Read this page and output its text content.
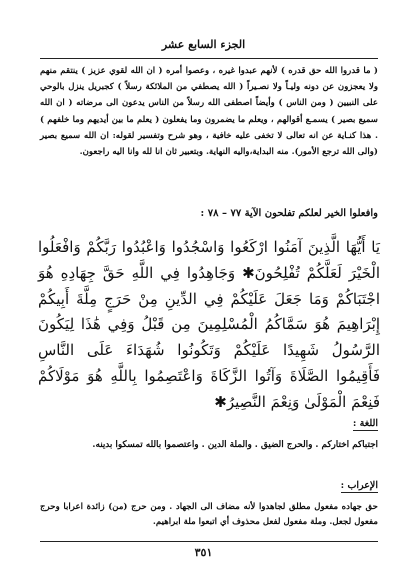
الجزء السابع عشر

( ما قدروا الله حق قدره ) لأنهم عبدوا غيره ، وعصوا أمره ( ان الله لقوي عزيز ) ينتقم منهم ولا يعجزون عن دونه وليـاً ولا نصـيراً ( الله يصطفي من الملائكة رسلاً ) كجبريل ينزل بالوحي على النبيين ( ومن الناس ) وأيضاً اصطفى الله رسلاً من الناس يدعون الى مرضاته ( ان الله سميع بصير ) يسمـع أقوالهم ، ويعلم ما يضمرون وما يفعلون ( يعلم ما بين أيديهم وما خلفهم ) . هذا كنـاية عن انه تعالى لا تخفى عليه خافية ، وهو شرح وتفسير لقوله: ان الله سميع بصير (والى الله ترجع الأمور). منه البداية،واليه النهاية. وبتعبير ثان انا لله وانا اليه راجعون.

وافعلوا الخير لعلكم تفلحون الآية ٧٧ – ٧٨ :
يَا أَيُّهَا الَّذِينَ آمَنُوا ارْكَعُوا وَاسْجُدُوا وَاعْبُدُوا رَبَّكُمْ وَافْعَلُوا الْخَيْرَ لَعَلَّكُمْ تُفْلِحُونَ✱ وَجَاهِدُوا فِي اللَّهِ حَقَّ جِهَادِهِ هُوَ اجْتَبَاكُمْ وَمَا جَعَلَ عَلَيْكُمْ فِي الدِّينِ مِنْ حَرَجٍ مِلَّةَ أَبِيكُمْ إِبْرَاهِيمَ هُوَ سَمَّاكُمُ الْمُسْلِمِينَ مِن قَبْلُ وَفِي هَٰذَا لِيَكُونَ الرَّسُولُ شَهِيدًا عَلَيْكُمْ وَتَكُونُوا شُهَدَاءَ عَلَى النَّاسِ فَأَقِيمُوا الصَّلَاةَ وَآتُوا الزَّكَاةَ وَاعْتَصِمُوا بِاللَّهِ هُوَ مَوْلَاكُمْ فَنِعْمَ الْمَوْلَىٰ وَنِعْمَ النَّصِيرُ✱
اللغة :
اجتباكم اختاركم . والحرج الضيق . والملة الدين . واعتصموا بالله تمسكوا بدينه.
الإعراب :
حق جهاده مفعول مطلق لجاهدوا لأنه مضاف الى الجهاد . ومن حرج (من) زائدة اعرابا وحرج مفعول لجعل. وملة مفعول لفعل محذوف أي اتبعوا ملة ابراهيم.
٣٥١
